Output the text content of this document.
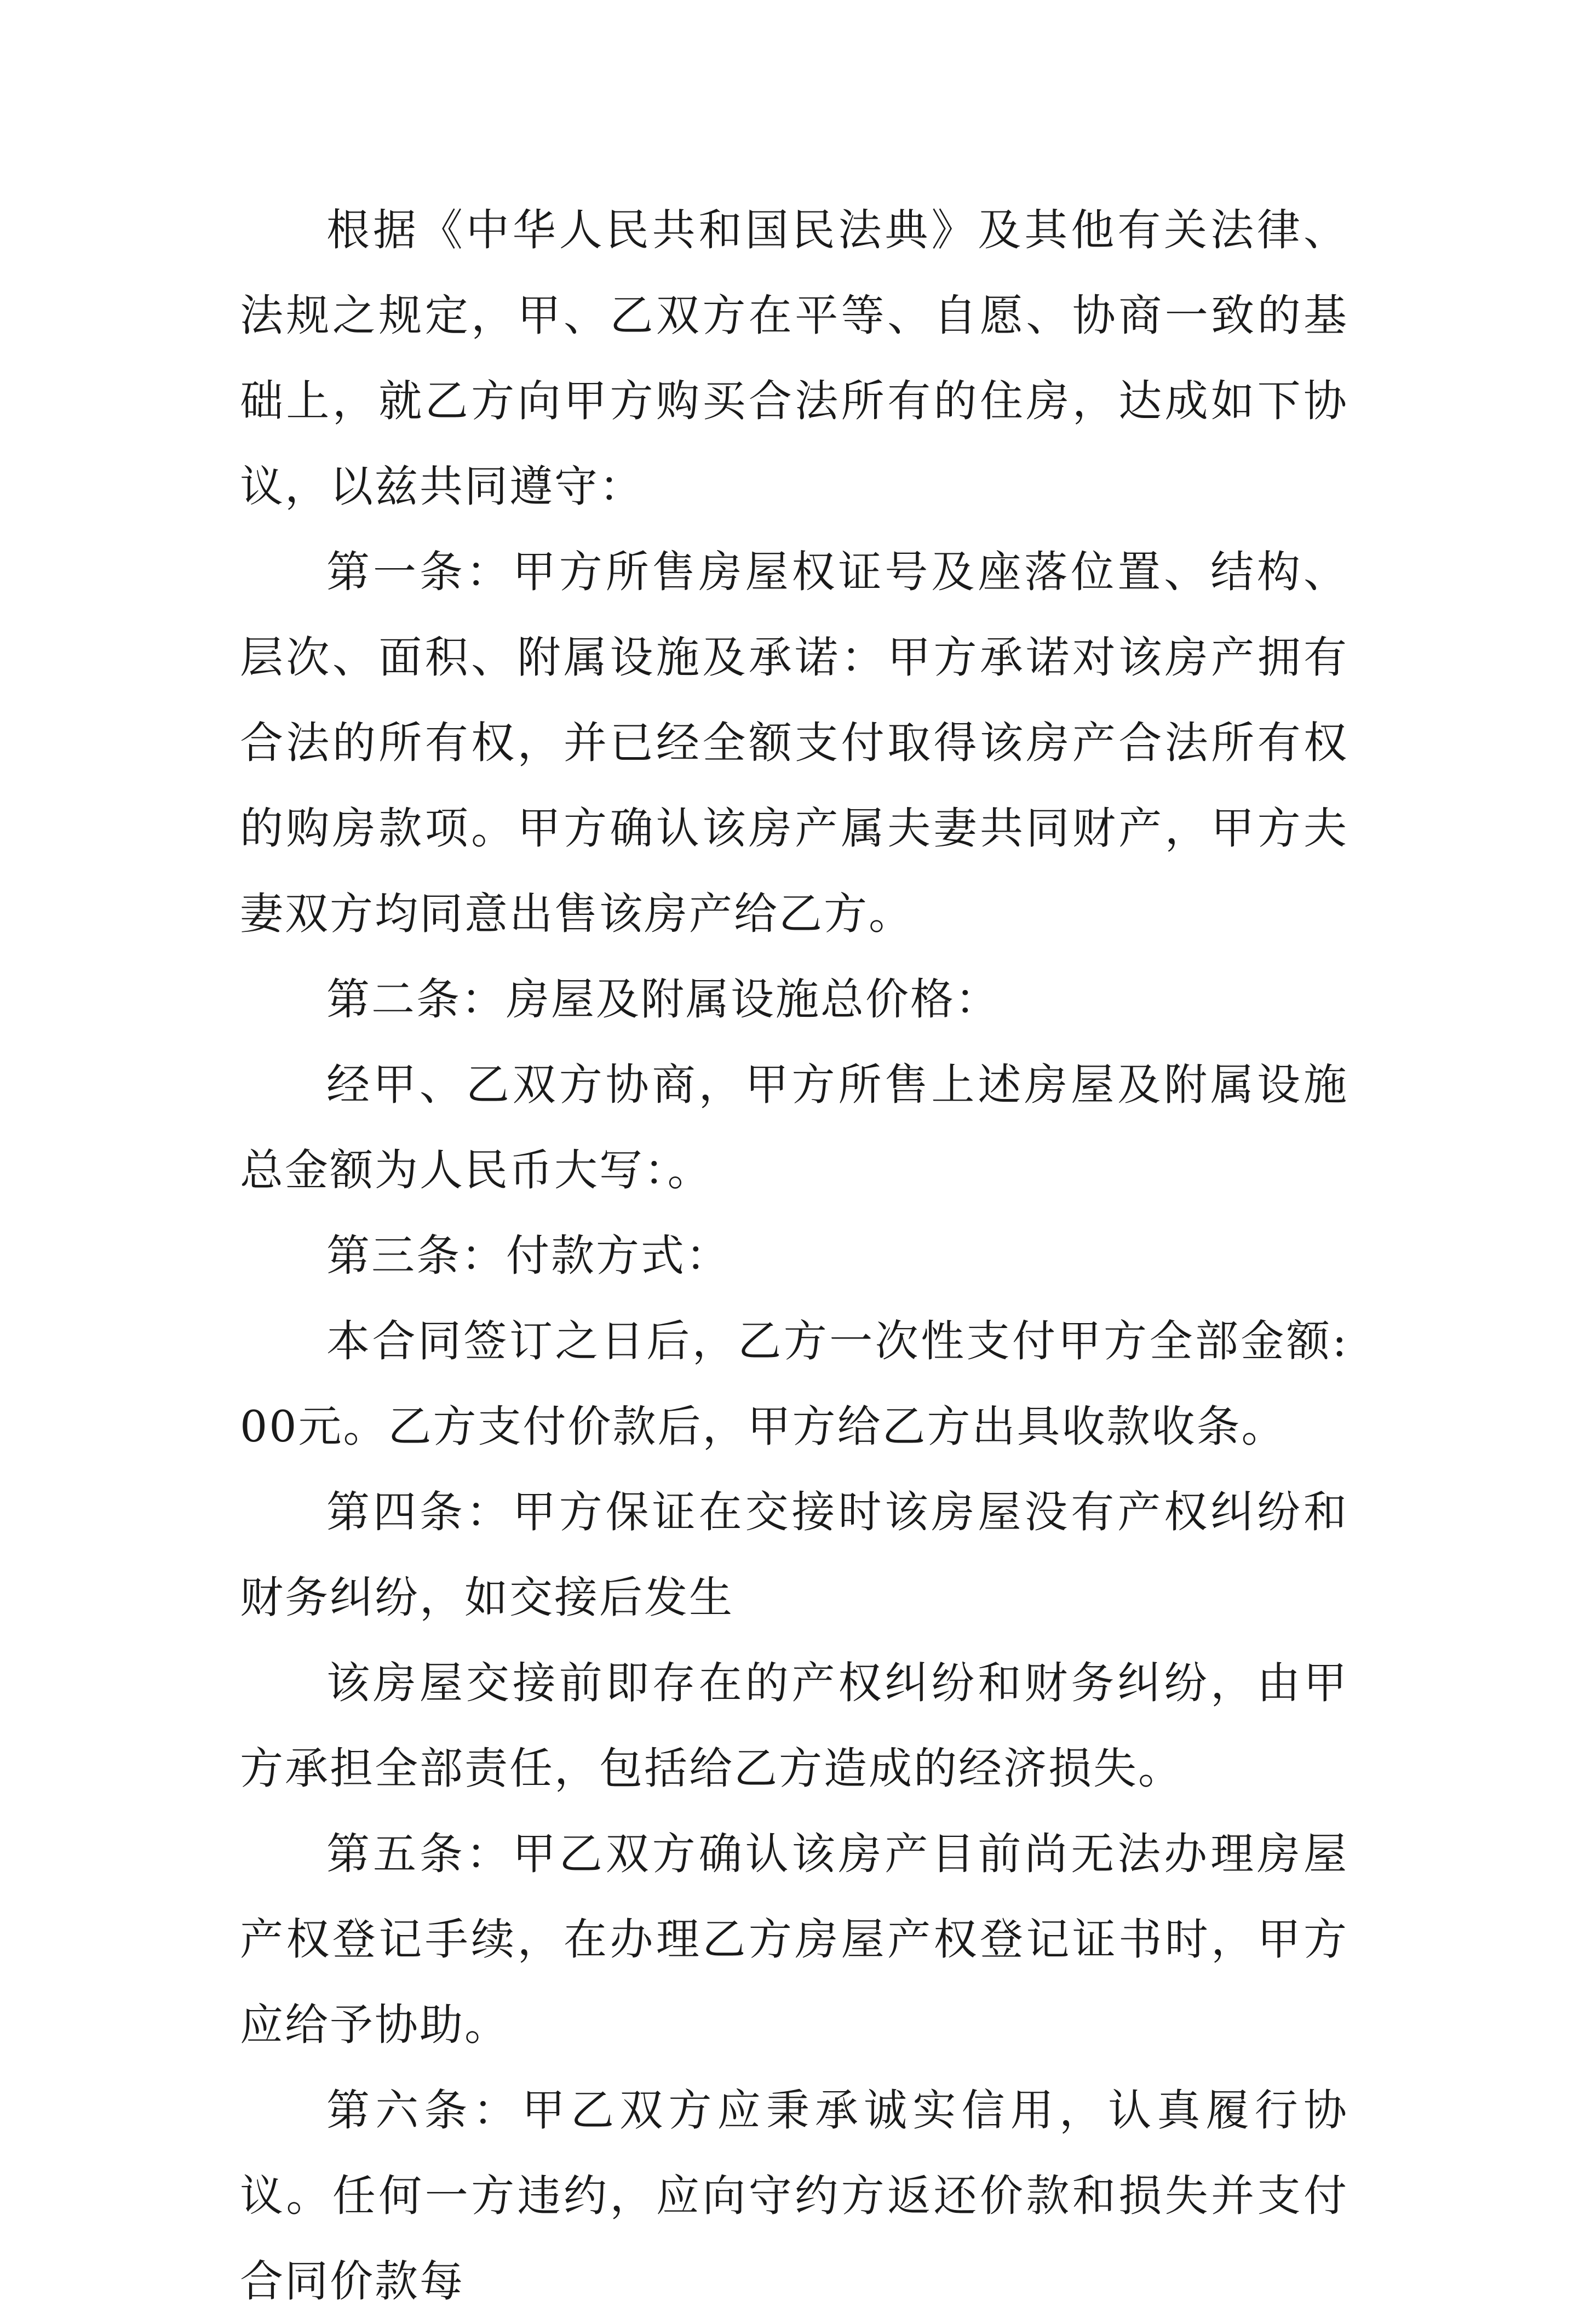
根据《中华人民共和国民法典》及其他有关法律、法规之规定，甲、乙双方在平等、自愿、协商一致的基础上，就乙方向甲方购买合法所有的住房，达成如下协议，以兹共同遵守：

第一条：甲方所售房屋权证号及座落位置、结构、层次、面积、附属设施及承诺：甲方承诺对该房产拥有合法的所有权，并已经全额支付取得该房产合法所有权的购房款项。甲方确认该房产属夫妻共同财产，甲方夫妻双方均同意出售该房产给乙方。

第二条：房屋及附属设施总价格：

经甲、乙双方协商，甲方所售上述房屋及附属设施总金额为人民币大写：。

第三条：付款方式：

本合同签订之日后，乙方一次性支付甲方全部金额:00元。乙方支付价款后，甲方给乙方出具收款收条。

第四条：甲方保证在交接时该房屋没有产权纠纷和财务纠纷，如交接后发生

该房屋交接前即存在的产权纠纷和财务纠纷，由甲方承担全部责任，包括给乙方造成的经济损失。

第五条：甲乙双方确认该房产目前尚无法办理房屋产权登记手续，在办理乙方房屋产权登记证书时，甲方应给予协助。

第六条：甲乙双方应秉承诚实信用，认真履行协议。任何一方违约，应向守约方返还价款和损失并支付合同价款每
